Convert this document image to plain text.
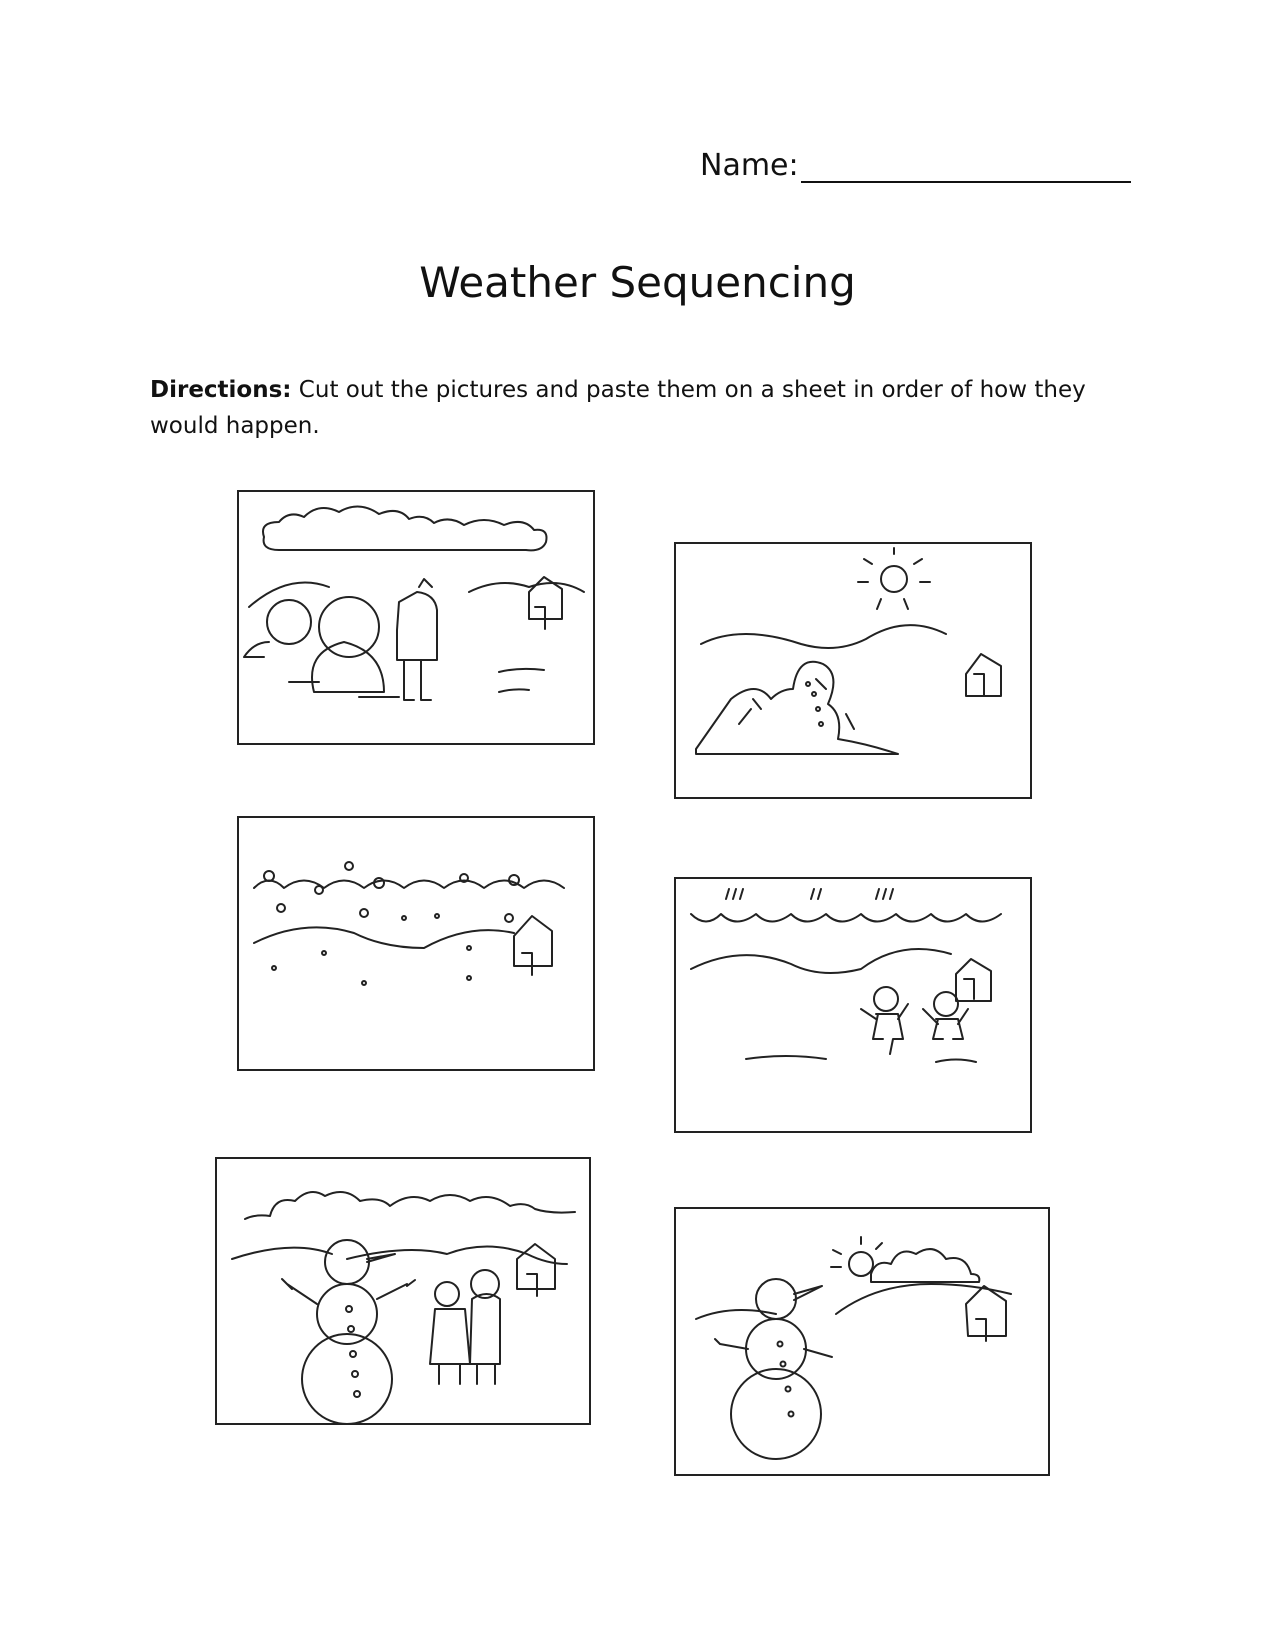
Name:
Weather Sequencing
Directions: Cut out the pictures and paste them on a sheet in order of how they would happen.
